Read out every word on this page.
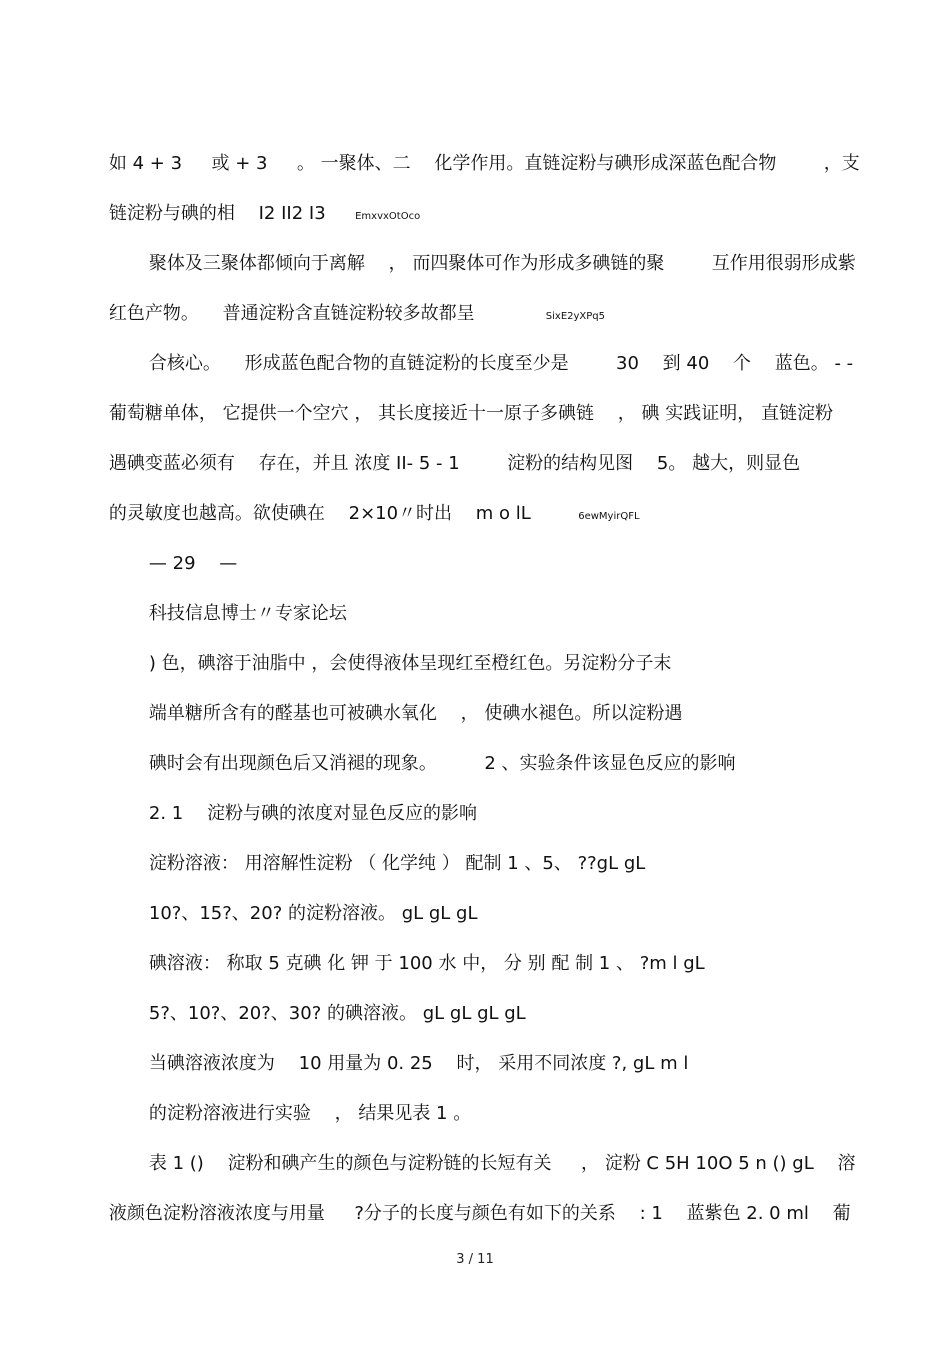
如 4 + 3 　 或 + 3 　 。 一聚体、二 　化学作用。直链淀粉与碘形成深蓝色配合物 　 　，支

链淀粉与碘的相 　I2 II2 I3 　 EmxvxOtOco

聚体及三聚体都倾向于离解 　， 而四聚体可作为形成多碘链的聚 　 　互作用很弱形成紫

红色产物。 　普通淀粉含直链淀粉较多故都呈 　 　 　SixE2yXPq5

合核心。 　形成蓝色配合物的直链淀粉的长度至少是 　 　30 　到 40 　个 　蓝色。 - -

葡萄糖单体， 它提供一个空穴 ， 其长度接近十一原子多碘链 　， 碘 实践证明， 直链淀粉

遇碘变蓝必须有 　存在，并且 浓度 II- 5 - 1 　 　淀粉的结构见图 　5。 越大，则显色

的灵敏度也越高。欲使碘在 　2×10〃时出 　m o lL 　 　6ewMyirQFL

— 29 　—

科技信息博士〃专家论坛

) 色，碘溶于油脂中 ，会使得液体呈现红至橙红色。另淀粉分子末

端单糖所含有的醛基也可被碘水氧化 　， 使碘水褪色。所以淀粉遇

碘时会有出现颜色后又消褪的现象。 　 　2 、实验条件该显色反应的影响

2. 1 　淀粉与碘的浓度对显色反应的影响

淀粉溶液： 用溶解性淀粉 （ 化学纯 ） 配制 1 、5、 ??gL gL

10?、15?、20? 的淀粉溶液。 gL gL gL

碘溶液： 称取 5 克碘 化 钾 于 100 水 中， 分 别 配 制 1 、 ?m l gL

5?、10?、20?、30? 的碘溶液。 gL gL gL gL

当碘溶液浓度为 　10 用量为 0. 25 　时， 采用不同浓度 ?, gL m l

的淀粉溶液进行实验 　， 结果见表 1 。

表 1 () 　淀粉和碘产生的颜色与淀粉链的长短有关 　 ， 淀粉 C 5H 10O 5 n () gL 　溶

液颜色淀粉溶液浓度与用量 　 ?分子的长度与颜色有如下的关系 　: 1 　蓝紫色 2. 0 ml 　葡

3 / 11
